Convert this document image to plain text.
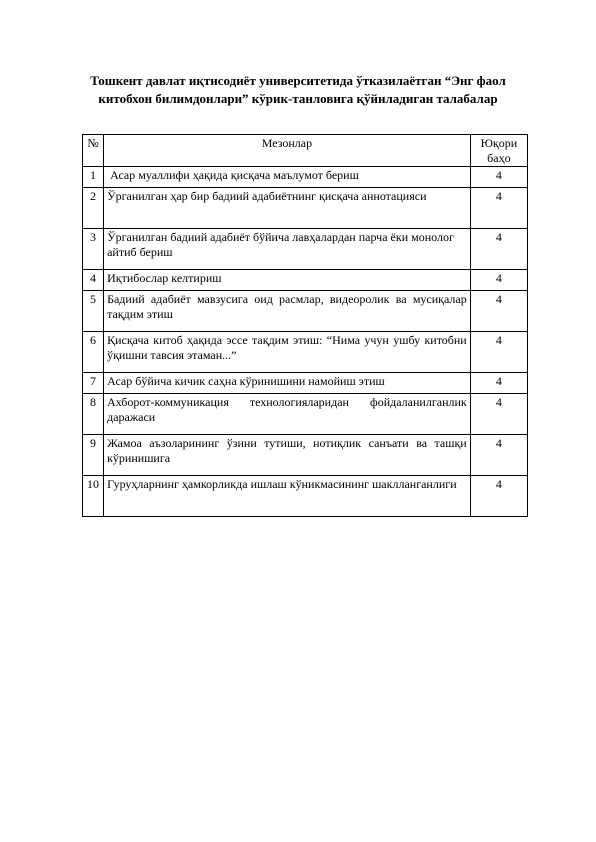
Тошкент давлат иқтисодиёт университетида ўтказилаётган “Энг фаол
китобхон билимдонлари” кўрик-танловига қўйиладиган талабалар
№	Мезонлар	Юқори баҳо
1	Асар муаллифи ҳақида қисқача маълумот бериш	4
2	Ўрганилган ҳар бир бадиий адабиётнинг қисқача аннотацияси	4
3	Ўрганилган бадиий адабиёт бўйича лавҳалардан парча ёки монолог айтиб бериш	4
4	Иқтибослар келтириш	4
5	Бадиий адабиёт мавзусига оид расмлар, видеоролик ва мусиқалар тақдим этиш	4
6	Қисқача китоб ҳақида эссе тақдим этиш: “Нима учун ушбу китобни ўқишни тавсия этаман...”	4
7	Асар бўйича кичик саҳна кўринишини намойиш этиш	4
8	Ахборот-коммуникация технологияларидан фойдаланилганлик даражаси	4
9	Жамоа аъзоларининг ўзини тутиши, нотиқлик санъати ва ташқи кўринишига	4
10	Гуруҳларнинг ҳамкорликда ишлаш кўникмасининг шаклланганлиги	4
